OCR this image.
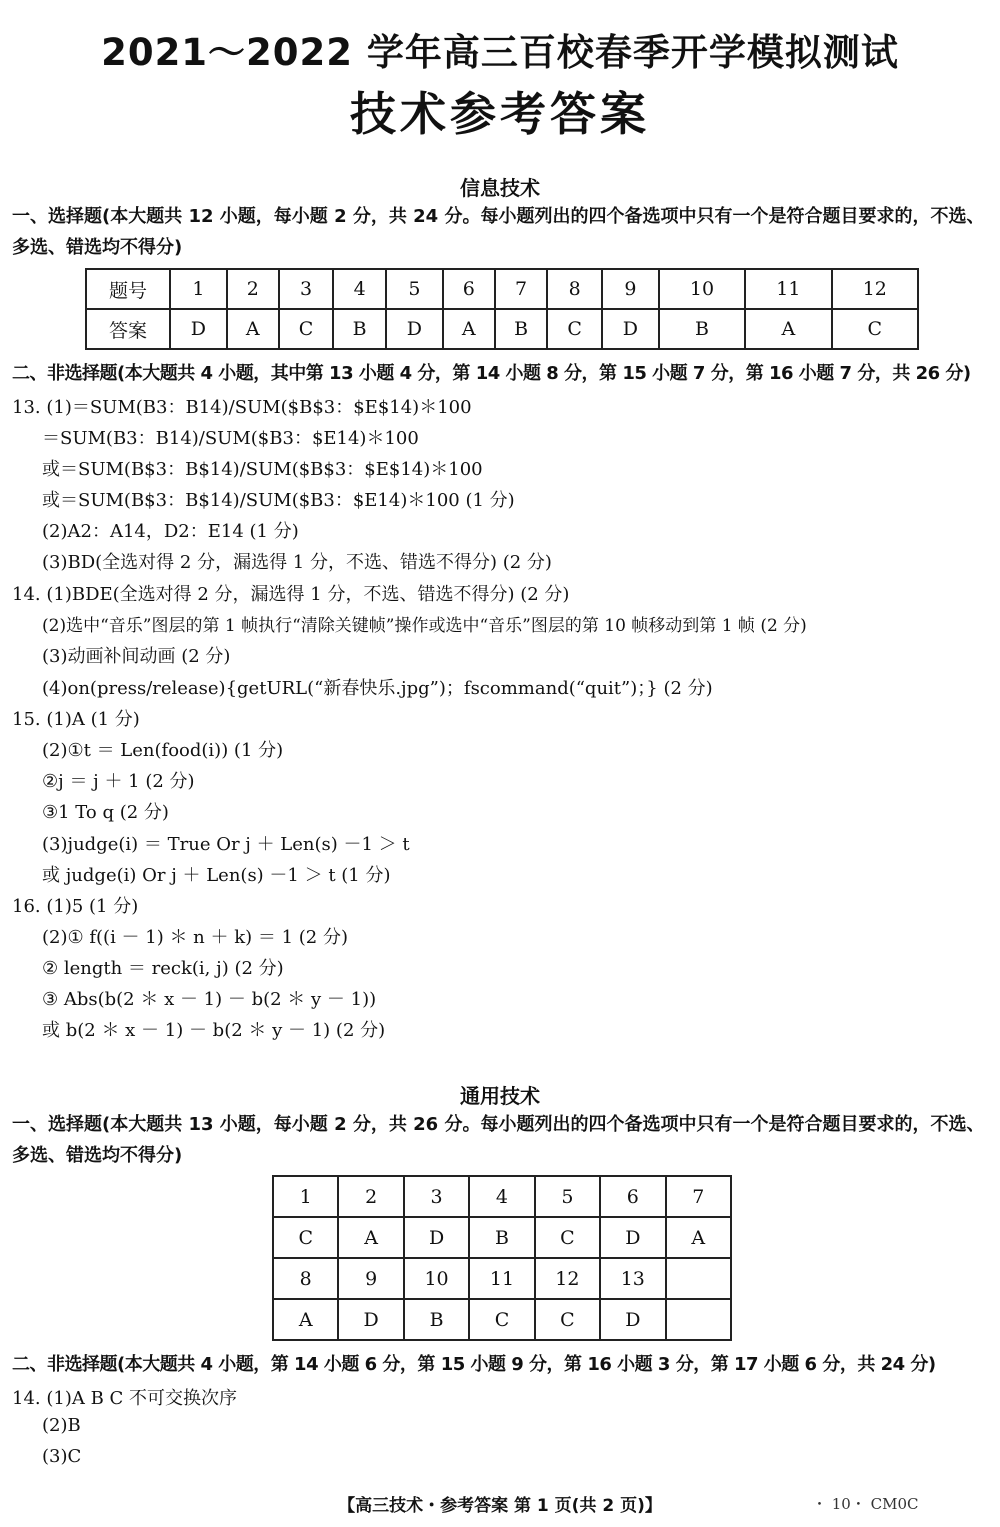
2021～2022 学年高三百校春季开学模拟测试
技术参考答案
信息技术
一、选择题(本大题共 12 小题，每小题 2 分，共 24 分。每小题列出的四个备选项中只有一个是符合题目要求的，不选、多选、错选均不得分)
题号	1	2	3	4	5	6	7	8	9	10	11	12
答案	D	A	C	B	D	A	B	C	D	B	A	C
二、非选择题(本大题共 4 小题，其中第 13 小题 4 分，第 14 小题 8 分，第 15 小题 7 分，第 16 小题 7 分，共 26 分)
13. (1)＝SUM(B3：B14)/SUM($B$3：$E$14)＊100
＝SUM(B3：B14)/SUM($B3：$E14)＊100
或＝SUM(B$3：B$14)/SUM($B$3：$E$14)＊100
或＝SUM(B$3：B$14)/SUM($B3：$E14)＊100 (1 分)
(2)A2：A14，D2：E14 (1 分)
(3)BD(全选对得 2 分，漏选得 1 分，不选、错选不得分) (2 分)
14. (1)BDE(全选对得 2 分，漏选得 1 分，不选、错选不得分) (2 分)
(2)选中“音乐”图层的第 1 帧执行“清除关键帧”操作或选中“音乐”图层的第 10 帧移动到第 1 帧 (2 分)
(3)动画补间动画 (2 分)
(4)on(press/release){getURL(“新春快乐.jpg”)；fscommand(“quit”)；} (2 分)
15. (1)A (1 分)
(2)①t ＝ Len(food(i)) (1 分)
②j ＝ j ＋ 1 (2 分)
③1 To q (2 分)
(3)judge(i) ＝ True Or j ＋ Len(s) －1 ＞ t
或 judge(i) Or j ＋ Len(s) －1 ＞ t (1 分)
16. (1)5 (1 分)
(2)① f((i － 1) ＊ n ＋ k) ＝ 1 (2 分)
② length ＝ reck(i, j) (2 分)
③ Abs(b(2 ＊ x － 1) － b(2 ＊ y － 1))
或 b(2 ＊ x － 1) － b(2 ＊ y － 1) (2 分)
通用技术
一、选择题(本大题共 13 小题，每小题 2 分，共 26 分。每小题列出的四个备选项中只有一个是符合题目要求的，不选、多选、错选均不得分)
1	2	3	4	5	6	7
C	A	D	B	C	D	A
8	9	10	11	12	13	
A	D	B	C	C	D	
二、非选择题(本大题共 4 小题，第 14 小题 6 分，第 15 小题 9 分，第 16 小题 3 分，第 17 小题 6 分，共 24 分)
14. (1)A B C 不可交换次序
(2)B
(3)C
【高三技术・参考答案 第 1 页(共 2 页)】	・ 10・ CM0C
